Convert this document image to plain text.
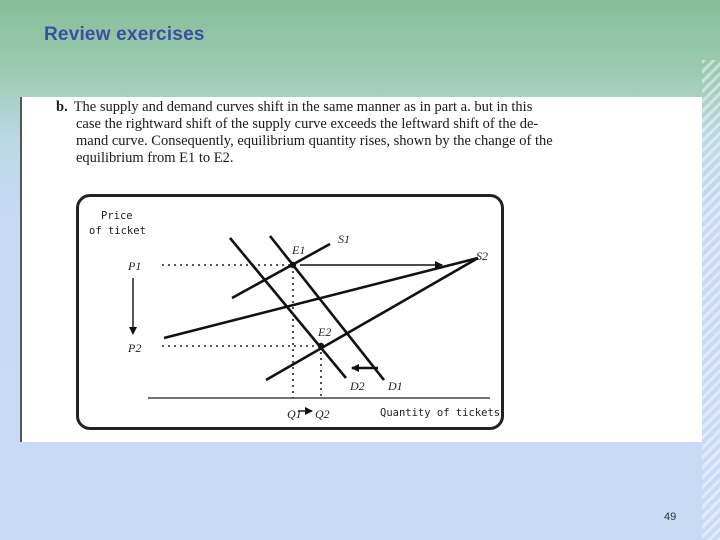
Review exercises
b. The supply and demand curves shift in the same manner as in part a. but in this
case the rightward shift of the supply curve exceeds the leftward shift of the de-
mand curve. Consequently, equilibrium quantity rises, shown by the change of the
equilibrium from E1 to E2.
Price
of ticket
Quantity of tickets
P1
P2
Q1 Q2
S1
S2
D2 D1
E1
E2
49
